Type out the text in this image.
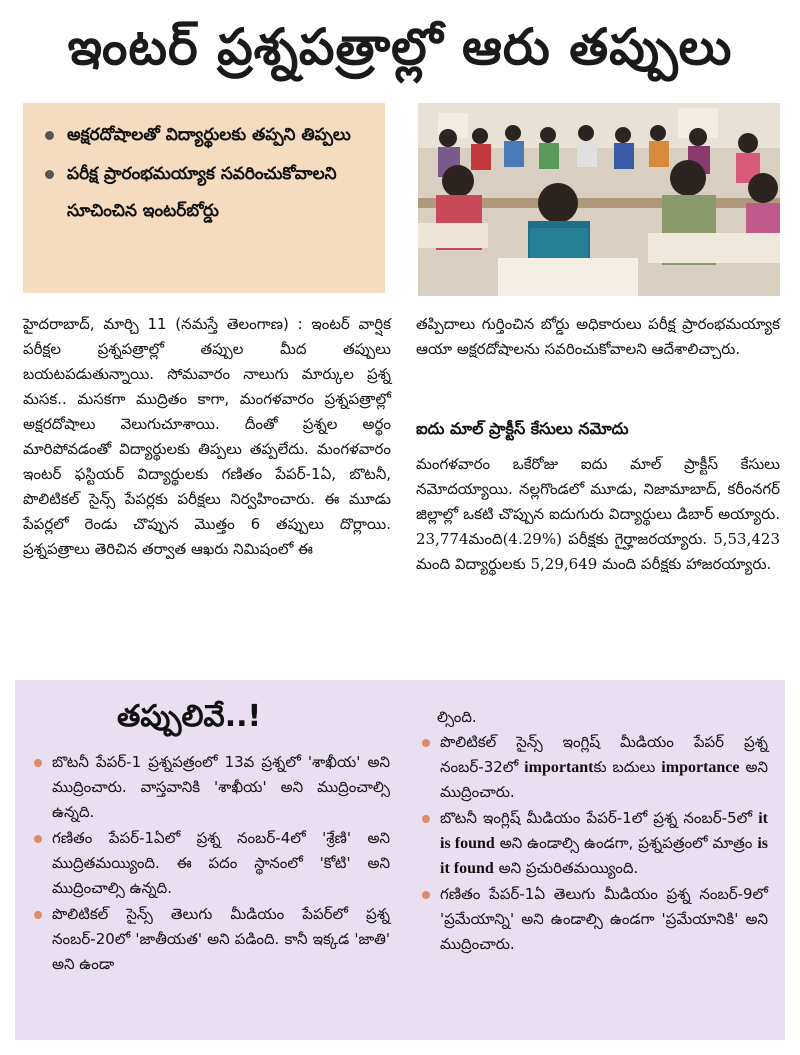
ఇంటర్ ప్రశ్నపత్రాల్లో ఆరు తప్పులు
అక్షరదోషాలతో విద్యార్థులకు తప్పని తిప్పలు
పరీక్ష ప్రారంభమయ్యాక సవరించుకోవాలని సూచించిన ఇంటర్‌బోర్డు

హైదరాబాద్, మార్చి 11 (నమస్తే తెలంగాణ) : ఇంటర్ వార్షిక పరీక్షల ప్రశ్నపత్రాల్లో తప్పుల మీద తప్పులు బయటపడుతున్నాయి. సోమవారం నాలుగు మార్కుల ప్రశ్న మసక.. మసకగా ముద్రితం కాగా, మంగళవారం ప్రశ్నపత్రాల్లో అక్షరదోషాలు వెలుగుచూశాయి. దీంతో ప్రశ్నల అర్థం మారిపోవడంతో విద్యార్థులకు తిప్పలు తప్పలేదు. మంగళవారం ఇంటర్ ఫస్టియర్ విద్యార్థులకు గణితం పేపర్-1ఏ, బొటనీ, పొలిటికల్ సైన్స్ పేపర్లకు పరీక్షలు నిర్వహించారు. ఈ మూడు పేపర్లలో రెండు చొప్పున మొత్తం 6 తప్పులు దొర్లాయి. ప్రశ్నపత్రాలు తెరిచిన తర్వాత ఆఖరు నిమిషంలో ఈ

తప్పిదాలు గుర్తించిన బోర్డు అధికారులు పరీక్ష ప్రారంభమయ్యాక ఆయా అక్షరదోషాలను సవరించుకోవాలని ఆదేశాలిచ్చారు.

ఐదు మాల్ ప్రాక్టీస్ కేసులు నమోదు

మంగళవారం ఒకేరోజు ఐదు మాల్ ప్రాక్టీస్ కేసులు నమోదయ్యాయి. నల్లగొండలో మూడు, నిజామాబాద్, కరీంనగర్ జిల్లాల్లో ఒకటి చొప్పున ఐదుగురు విద్యార్థులు డిబార్ అయ్యారు. 23,774మంది(4.29%) పరీక్షకు గైర్హాజరయ్యారు. 5,53,423 మంది విద్యార్థులకు 5,29,649 మంది పరీక్షకు హాజరయ్యారు.

తప్పులివే..!
బొటనీ పేపర్-1 ప్రశ్నపత్రంలో 13వ ప్రశ్నలో 'శాఖీయ' అని ముద్రించారు. వాస్తవానికి 'శాఖీయ' అని ముద్రించాల్సి ఉన్నది.
గణితం పేపర్-1ఏలో ప్రశ్న నంబర్-4లో 'శ్రేణి' అని ముద్రితమయ్యింది. ఈ పదం స్థానంలో 'కోటి' అని ముద్రించాల్సి ఉన్నది.
పొలిటికల్ సైన్స్ తెలుగు మీడియం పేపర్‌లో ప్రశ్న నంబర్-20లో 'జాతీయత' అని పడింది. కానీ ఇక్కడ 'జాతి' అని ఉండా
ల్సింది.
పొలిటికల్ సైన్స్ ఇంగ్లిష్ మీడియం పేపర్ ప్రశ్న నంబర్-32లో importantకు బదులు importance అని ముద్రించారు.
బొటనీ ఇంగ్లిష్ మీడియం పేపర్-1లో ప్రశ్న నంబర్-5లో it is found అని ఉండాల్సి ఉండగా, ప్రశ్నపత్రంలో మాత్రం is it found అని ప్రచురితమయ్యింది.
గణితం పేపర్-1ఏ తెలుగు మీడియం ప్రశ్న నంబర్-9లో 'ప్రమేయాన్ని' అని ఉండాల్సి ఉండగా 'ప్రమేయానికి' అని ముద్రించారు.
